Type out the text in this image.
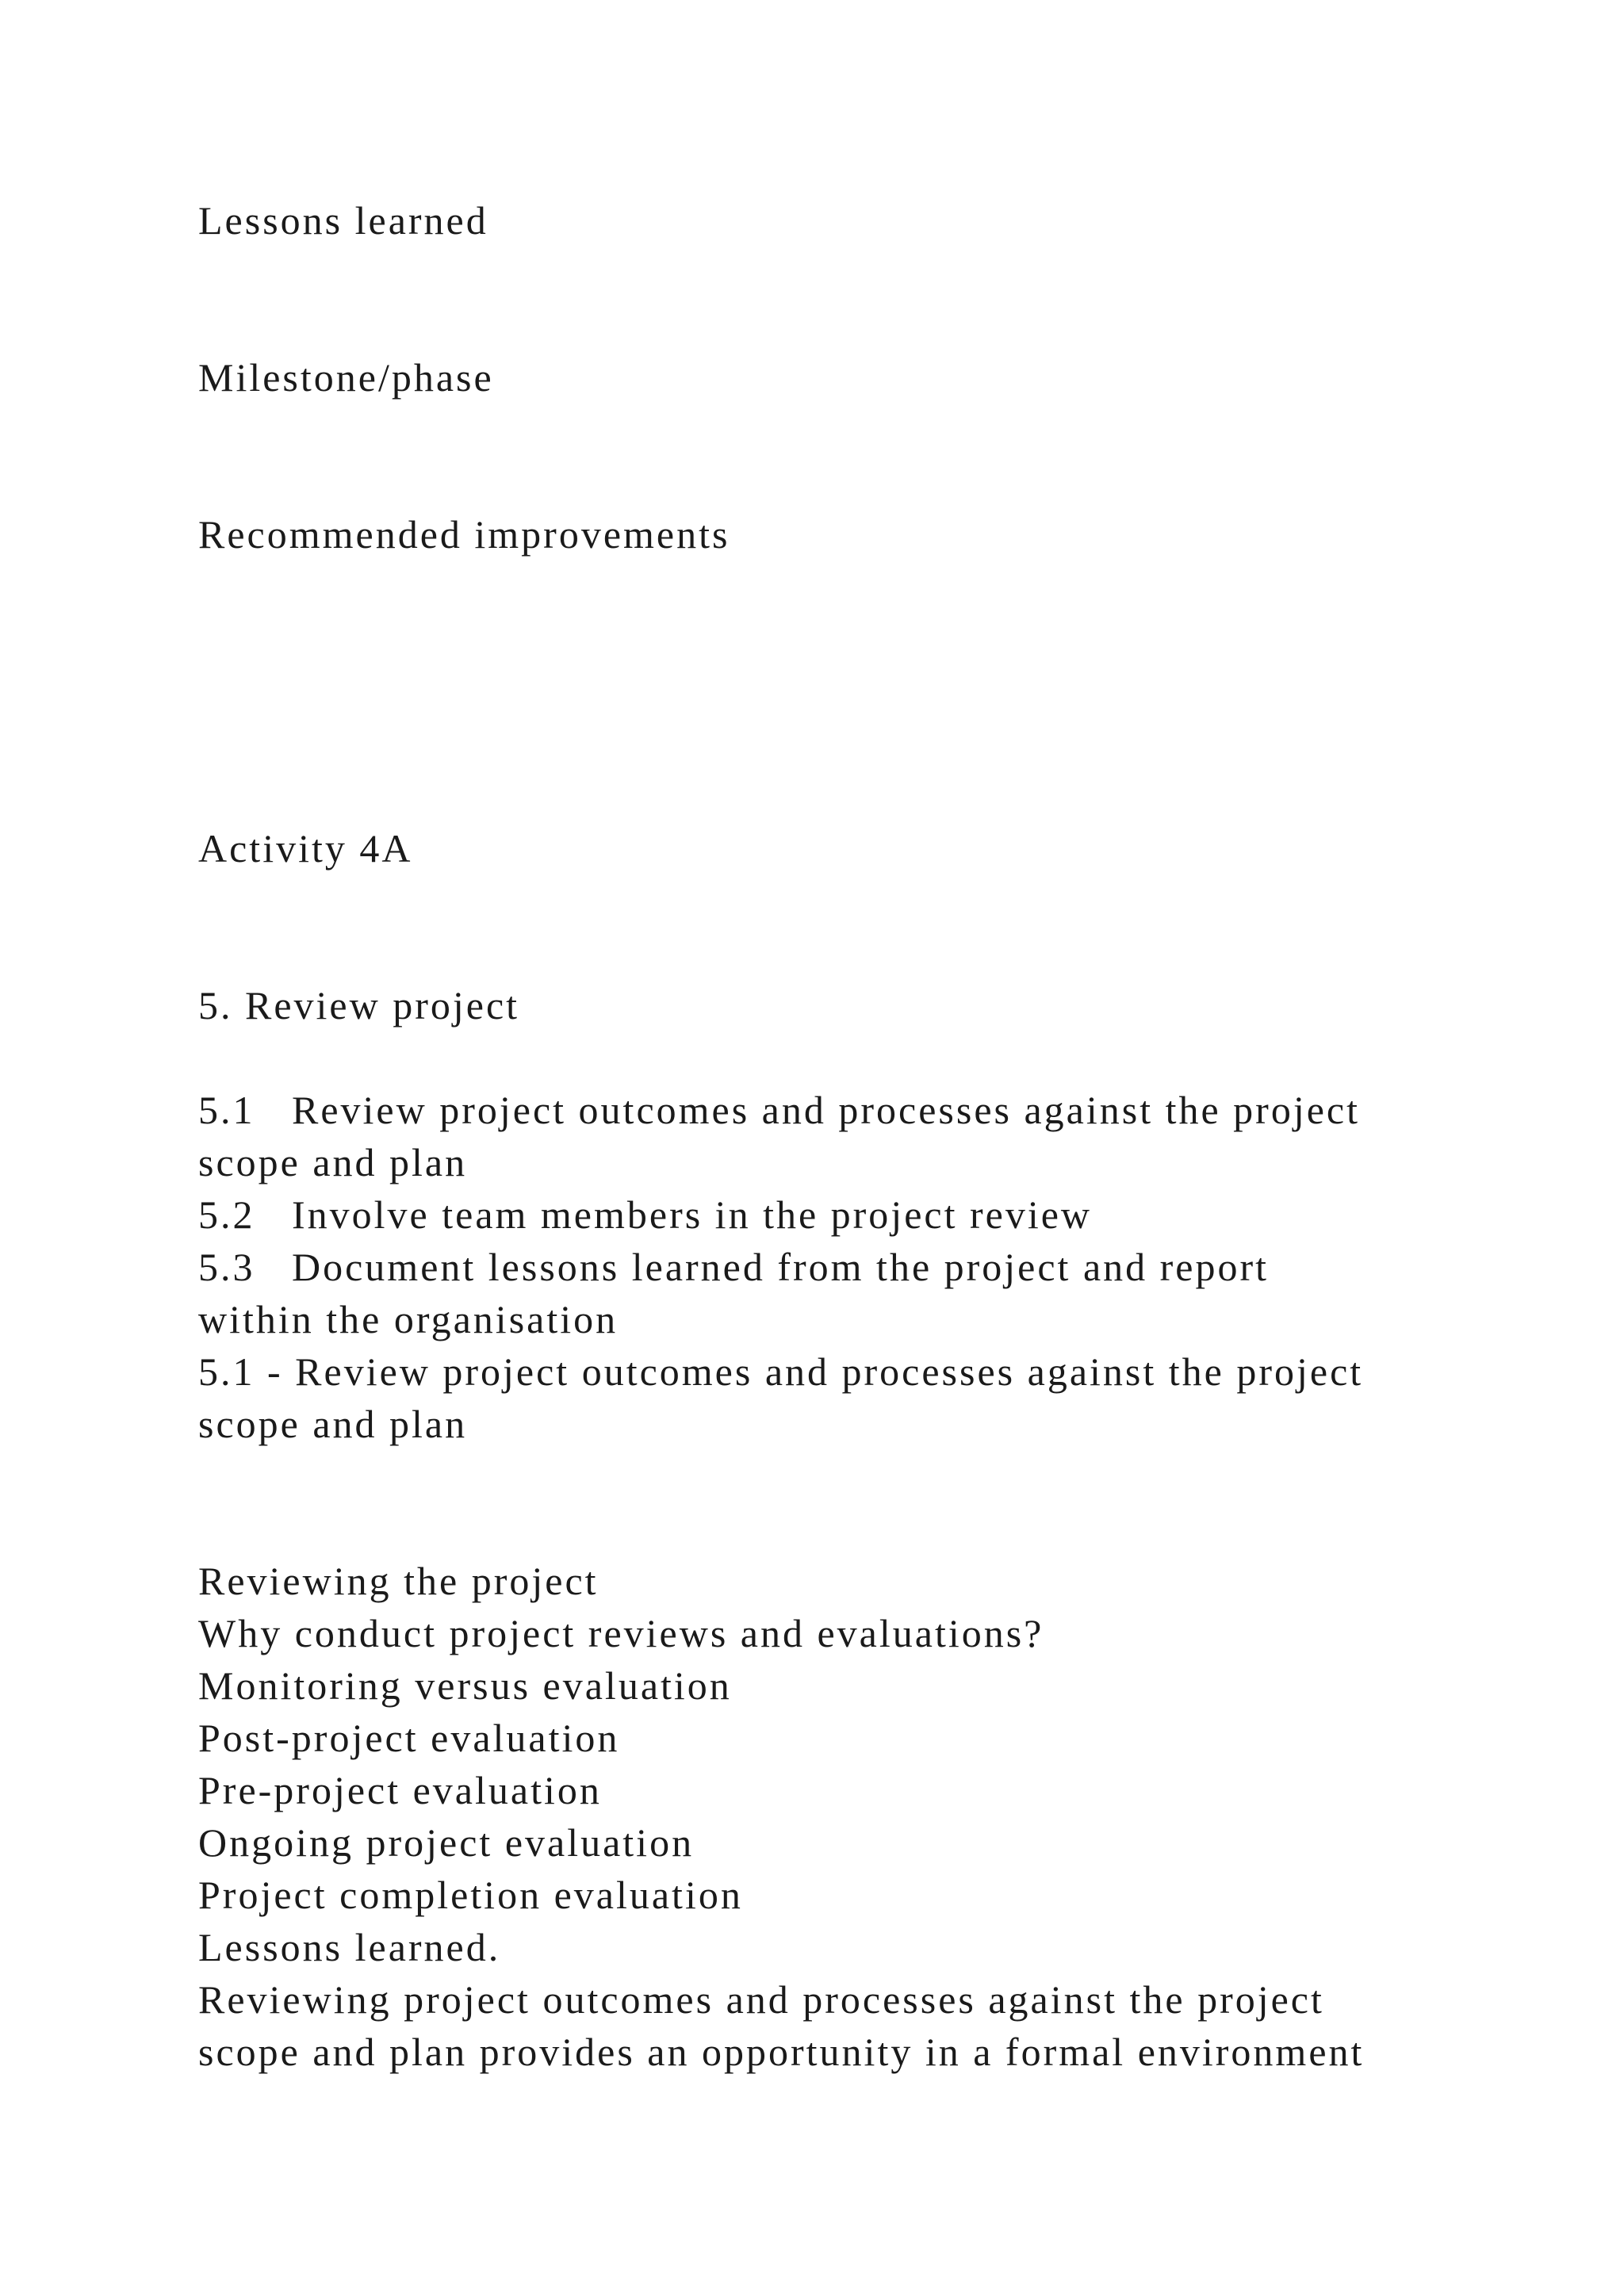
Lessons learned
Milestone/phase
Recommended improvements
Activity 4A
5. Review project
5.1   Review project outcomes and processes against the project
scope and plan
5.2   Involve team members in the project review
5.3   Document lessons learned from the project and report
within the organisation
5.1 - Review project outcomes and processes against the project
scope and plan
Reviewing the project
Why conduct project reviews and evaluations?
Monitoring versus evaluation
Post-project evaluation
Pre-project evaluation
Ongoing project evaluation
Project completion evaluation
Lessons learned.
Reviewing project outcomes and processes against the project
scope and plan provides an opportunity in a formal environment
